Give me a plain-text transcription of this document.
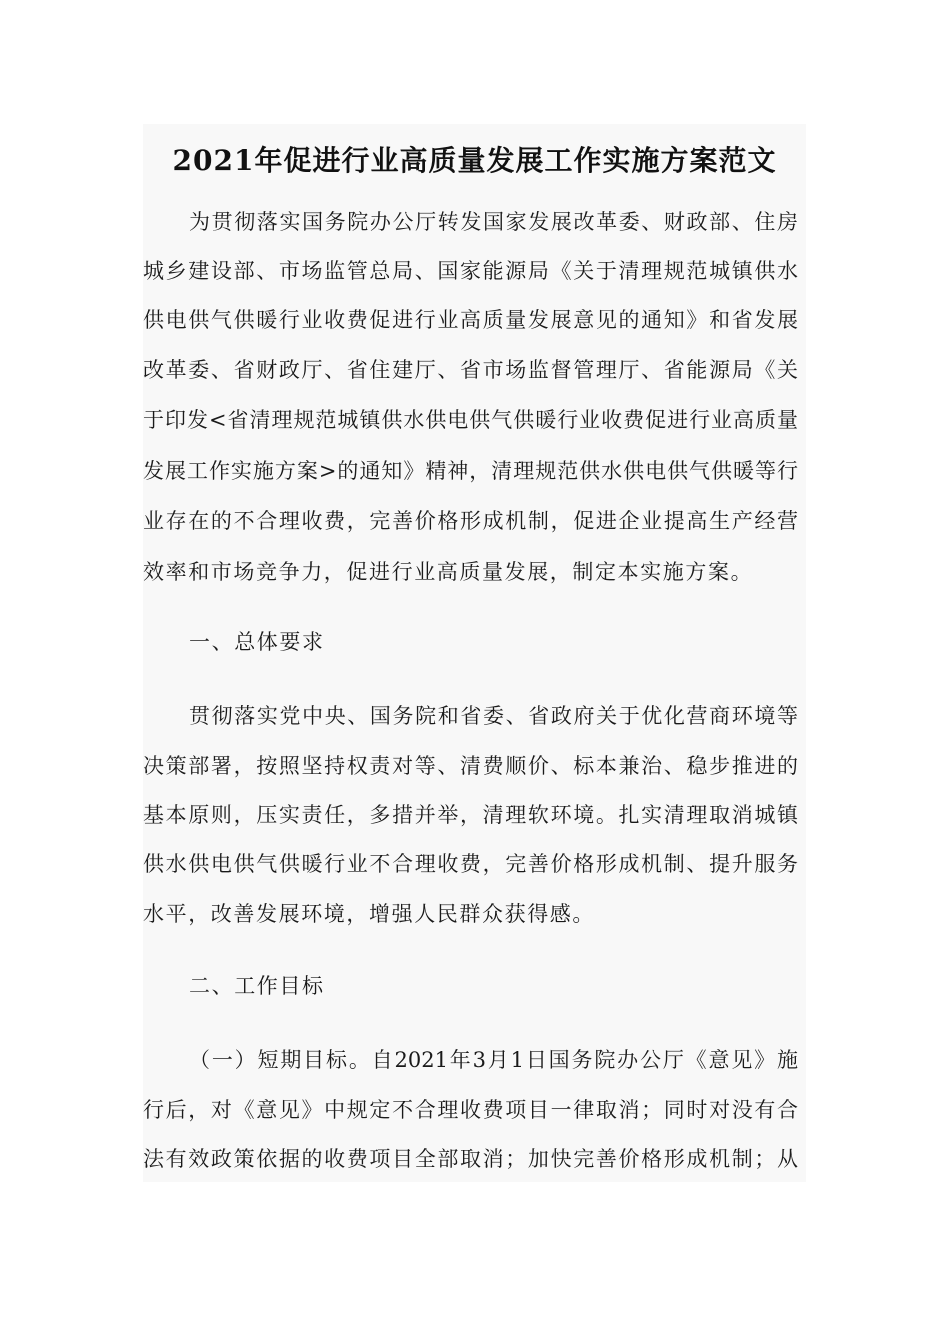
2021年促进行业高质量发展工作实施方案范文
为贯彻落实国务院办公厅转发国家发展改革委、财政部、住房
城乡建设部、市场监管总局、国家能源局《关于清理规范城镇供水
供电供气供暖行业收费促进行业高质量发展意见的通知》和省发展
改革委、省财政厅、省住建厅、省市场监督管理厅、省能源局《关
于印发<省清理规范城镇供水供电供气供暖行业收费促进行业高质量
发展工作实施方案>的通知》精神，清理规范供水供电供气供暖等行
业存在的不合理收费，完善价格形成机制，促进企业提高生产经营
效率和市场竞争力，促进行业高质量发展，制定本实施方案。
一、总体要求
贯彻落实党中央、国务院和省委、省政府关于优化营商环境等
决策部署，按照坚持权责对等、清费顺价、标本兼治、稳步推进的
基本原则，压实责任，多措并举，清理软环境。扎实清理取消城镇
供水供电供气供暖行业不合理收费，完善价格形成机制、提升服务
水平，改善发展环境，增强人民群众获得感。
二、工作目标
（一）短期目标。自2021年3月1日国务院办公厅《意见》施
行后，对《意见》中规定不合理收费项目一律取消；同时对没有合
法有效政策依据的收费项目全部取消；加快完善价格形成机制；从
